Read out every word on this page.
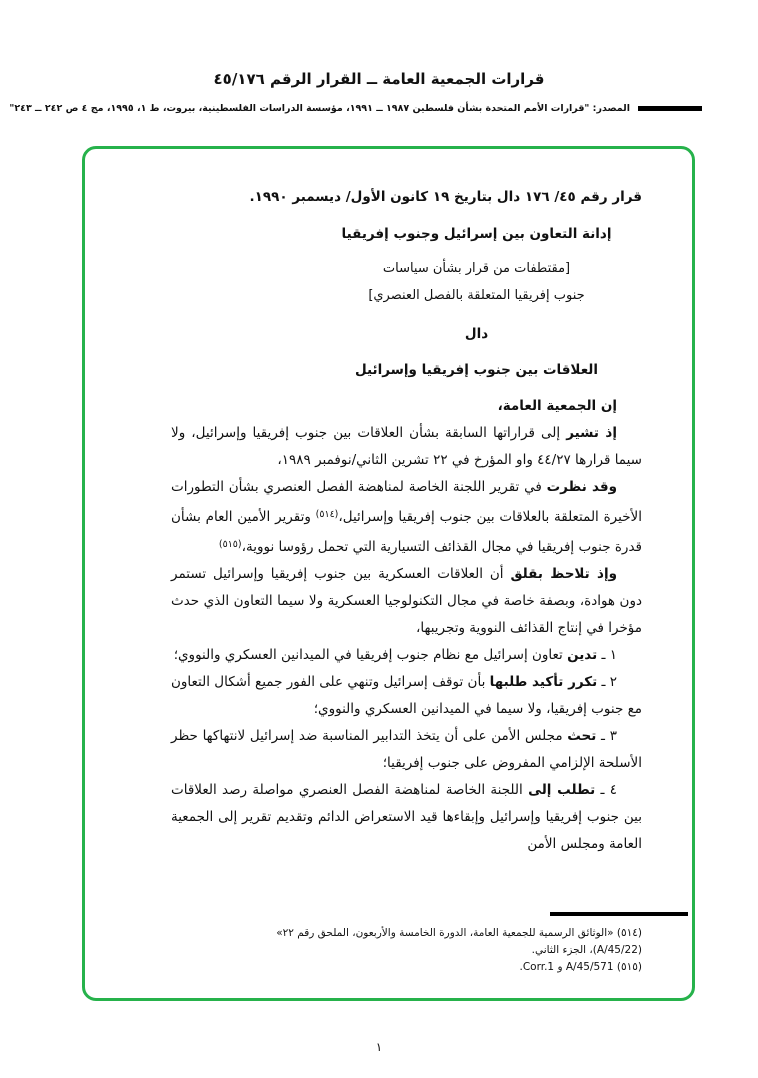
قرارات الجمعية العامة ــ القرار الرقم ٤٥/١٧٦
المصدر: "قرارات الأمم المتحدة بشأن فلسطين ١٩٨٧ ــ ١٩٩١، مؤسسة الدراسات الفلسطينية، بيروت، ط ١، ١٩٩٥، مج ٤ ص ٢٤٢ ــ ٢٤٣"

قرار رقم ٤٥/ ١٧٦ دال بتاريخ ١٩ كانون الأول/ ديسمبر ١٩٩٠.

إدانة التعاون بين إسرائيل وجنوب إفريقيا

[مقتطفات من قرار بشأن سياسات

جنوب إفريقيا المتعلقة بالفصل العنصري]

دال

العلاقات بين جنوب إفريقيا وإسرائيل

إن الجمعية العامة،

إذ تشير إلى قراراتها السابقة بشأن العلاقات بين جنوب إفريقيا وإسرائيل، ولا سيما قرارها ٤٤/٢٧ واو المؤرخ في ٢٢ تشرين الثاني/نوفمبر ١٩٨٩،

وقد نظرت في تقرير اللجنة الخاصة لمناهضة الفصل العنصري بشأن التطورات الأخيرة المتعلقة بالعلاقات بين جنوب إفريقيا وإسرائيل،$^{(٥١٤)}$ وتقرير الأمين العام بشأن قدرة جنوب إفريقيا في مجال القذائف التسيارية التي تحمل رؤوسا نووية،$^{(٥١٥)}$

وإذ تلاحظ بقلق أن العلاقات العسكرية بين جنوب إفريقيا وإسرائيل تستمر دون هوادة، وبصفة خاصة في مجال التكنولوجيا العسكرية ولا سيما التعاون الذي حدث مؤخرا في إنتاج القذائف النووية وتجريبها،

١ ـ تدين تعاون إسرائيل مع نظام جنوب إفريقيا في الميدانين العسكري والنووي؛

٢ ـ تكرر تأكيد طلبها بأن توقف إسرائيل وتنهي على الفور جميع أشكال التعاون مع جنوب إفريقيا، ولا سيما في الميدانين العسكري والنووي؛

٣ ـ تحث مجلس الأمن على أن يتخذ التدابير المناسبة ضد إسرائيل لانتهاكها حظر الأسلحة الإلزامي المفروض على جنوب إفريقيا؛

٤ ـ تطلب إلى اللجنة الخاصة لمناهضة الفصل العنصري مواصلة رصد العلاقات بين جنوب إفريقيا وإسرائيل وإبقاءها قيد الاستعراض الدائم وتقديم تقرير إلى الجمعية العامة ومجلس الأمن

(٥١٤) «الوثائق الرسمية للجمعية العامة، الدورة الخامسة والأربعون، الملحق رقم ٢٢» (A/45/22)، الجزء الثاني.

(٥١٥) A/45/571 و Corr.1.

١
